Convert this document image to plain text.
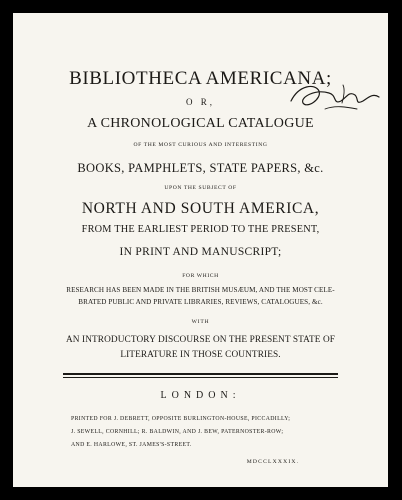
BIBLIOTHECA AMERICANA;
O R,
A CHRONOLOGICAL CATALOGUE
OF THE MOST CURIOUS AND INTERESTING
BOOKS, PAMPHLETS, STATE PAPERS, &c.
UPON THE SUBJECT OF
NORTH AND SOUTH AMERICA,
FROM THE EARLIEST PERIOD TO THE PRESENT,
IN PRINT AND MANUSCRIPT;
FOR WHICH
RESEARCH HAS BEEN MADE IN THE BRITISH MUSÆUM, AND THE MOST CELE-
BRATED PUBLIC AND PRIVATE LIBRARIES, REVIEWS, CATALOGUES, &c.
WITH
AN INTRODUCTORY DISCOURSE ON THE PRESENT STATE OF
LITERATURE IN THOSE COUNTRIES.
LONDON:
PRINTED FOR J. DEBRETT, OPPOSITE BURLINGTON-HOUSE, PICCADILLY;
J. SEWELL, CORNHILL; R. BALDWIN, AND J. BEW, PATERNOSTER-ROW;
AND E. HARLOWE, ST. JAMES'S-STREET.
MDCCLXXXIX.
